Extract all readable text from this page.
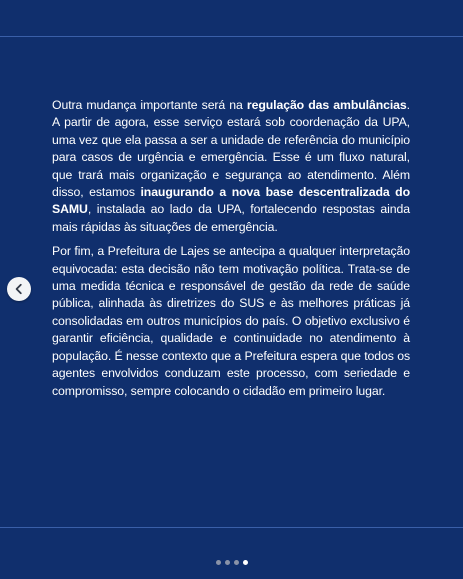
Outra mudança importante será na regulação das ambulâncias. A partir de agora, esse serviço estará sob coordenação da UPA, uma vez que ela passa a ser a unidade de referência do município para casos de urgência e emergência. Esse é um fluxo natural, que trará mais organização e segurança ao atendimento. Além disso, estamos inaugurando a nova base descentralizada do SAMU, instalada ao lado da UPA, fortalecendo respostas ainda mais rápidas às situações de emergência.

Por fim, a Prefeitura de Lajes se antecipa a qualquer interpretação equivocada: esta decisão não tem motivação política. Trata-se de uma medida técnica e responsável de gestão da rede de saúde pública, alinhada às diretrizes do SUS e às melhores práticas já consolidadas em outros municípios do país. O objetivo exclusivo é garantir eficiência, qualidade e continuidade no atendimento à população. É nesse contexto que a Prefeitura espera que todos os agentes envolvidos conduzam este processo, com seriedade e compromisso, sempre colocando o cidadão em primeiro lugar.
